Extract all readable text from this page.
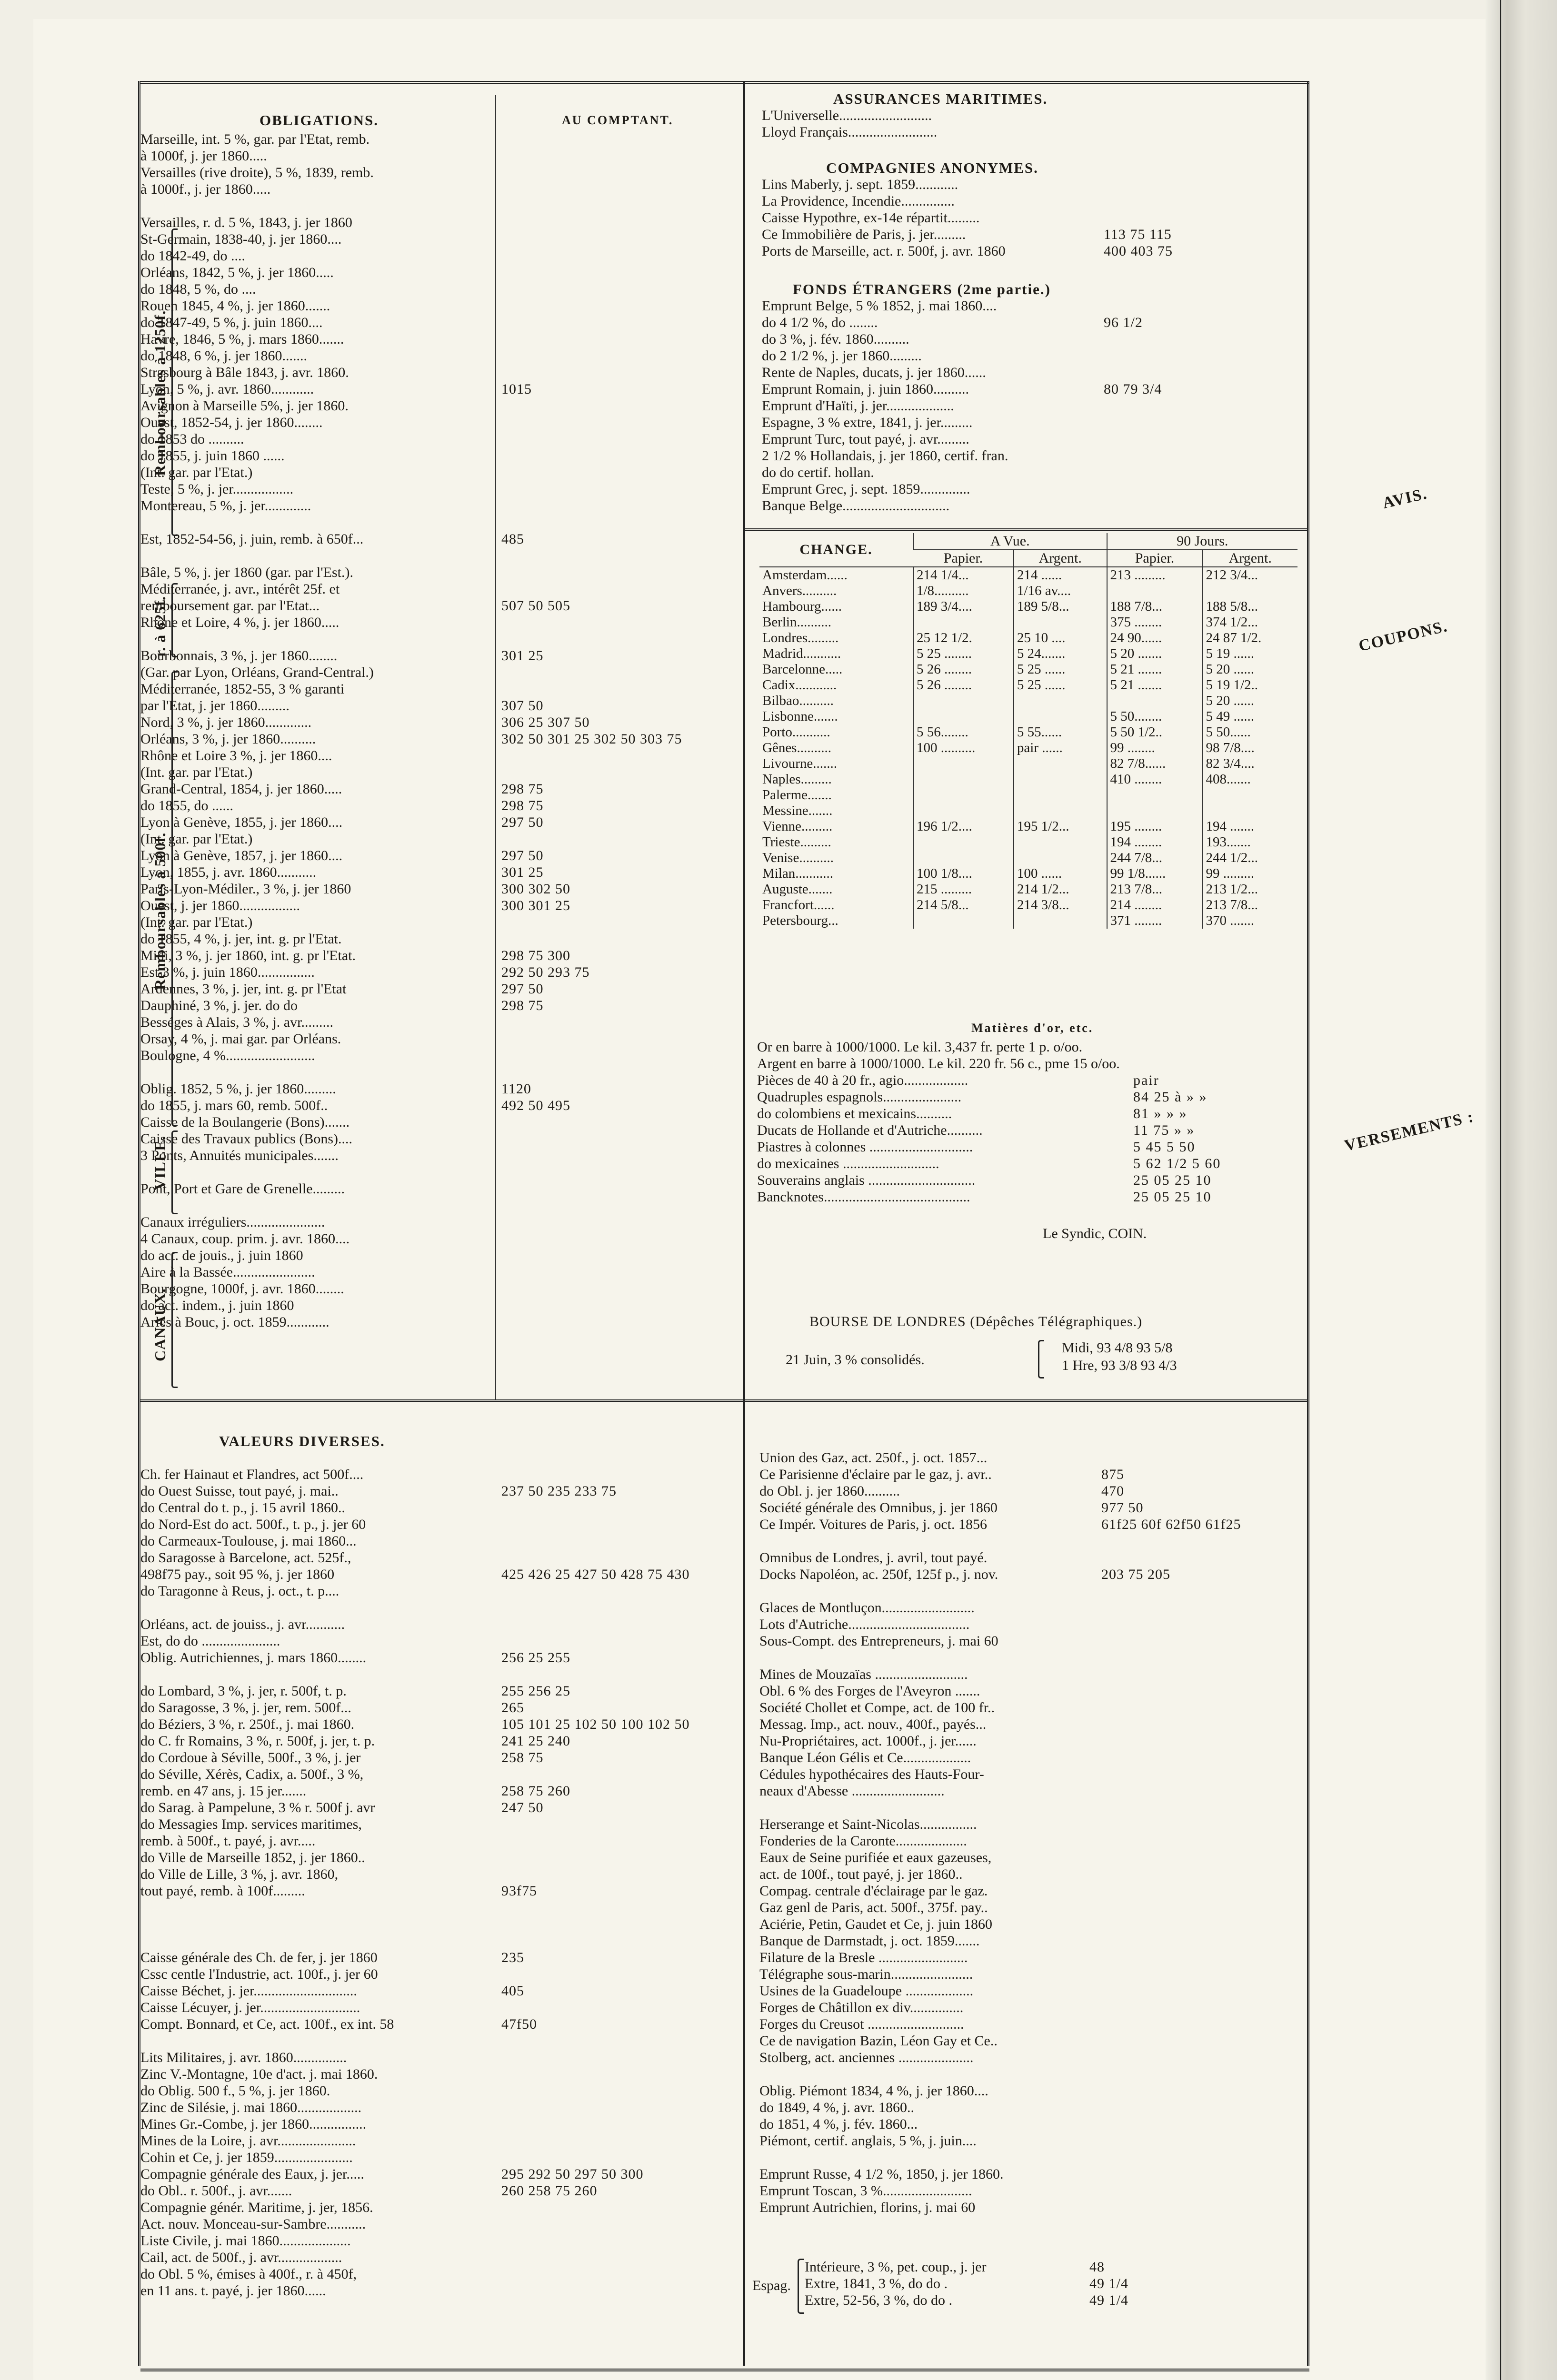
AVIS.
COUPONS.
VERSEMENTS :
OBLIGATIONS.	AU COMPTANT.
Remboursables à 1250f.
r. à 625f.
Remboursables à 500f.
VILLE.
CANAUX.
Marseille, int. 5 %, gar. par l'Etat, remb.
à 1000f, j. jer 1860.....
Versailles (rive droite), 5 %, 1839, remb.
à 1000f., j. jer 1860.....
Versailles, r. d. 5 %, 1843, j. jer 1860
St-Germain, 1838-40, j. jer 1860....
do 1842-49, do ....
Orléans, 1842, 5 %, j. jer 1860.....
do 1848, 5 %, do ....
Rouen 1845, 4 %, j. jer 1860.......
do 1847-49, 5 %, j. juin 1860....
Havre, 1846, 5 %, j. mars 1860.......
do 1848, 6 %, j. jer 1860.......
Strasbourg à Bâle 1843, j. avr. 1860.
Lyon, 5 %, j. avr. 1860............	1015
Avignon à Marseille 5%, j. jer 1860.
Ouest, 1852-54, j. jer 1860........
do 1853 do ..........
do 1855, j. juin 1860 ......
(Int. gar. par l'Etat.)
Teste, 5 %, j. jer.................
Montereau, 5 %, j. jer.............
Est, 1852-54-56, j. juin, remb. à 650f...	485
Bâle, 5 %, j. jer 1860 (gar. par l'Est.).
Méditerranée, j. avr., intérêt 25f. et
remboursement gar. par l'Etat...	507 50 505
Rhône et Loire, 4 %, j. jer 1860.....
Bourbonnais, 3 %, j. jer 1860........	301 25
(Gar. par Lyon, Orléans, Grand-Central.)
Méditerranée, 1852-55, 3 % garanti
par l'Etat, j. jer 1860.........	307 50
Nord, 3 %, j. jer 1860.............	306 25 307 50
Orléans, 3 %, j. jer 1860..........	302 50 301 25 302 50 303 75
Rhône et Loire 3 %, j. jer 1860....
(Int. gar. par l'Etat.)
Grand-Central, 1854, j. jer 1860.....	298 75
do 1855, do ......	298 75
Lyon à Genève, 1855, j. jer 1860....	297 50
(Int. gar. par l'Etat.)
Lyon à Genève, 1857, j. jer 1860....	297 50
Lyon, 1855, j. avr. 1860...........	301 25
Paris-Lyon-Médiler., 3 %, j. jer 1860	300 302 50
Ouest, j. jer 1860.................	300 301 25
(Int. gar. par l'Etat.)
do 1855, 4 %, j. jer, int. g. pr l'Etat.
Midi, 3 %, j. jer 1860, int. g. pr l'Etat.	298 75 300
Est 3 %, j. juin 1860................	292 50 293 75
Ardennes, 3 %, j. jer, int. g. pr l'Etat	297 50
Dauphiné, 3 %, j. jer. do do	298 75
Bességes à Alais, 3 %, j. avr.........
Orsay, 4 %, j. mai gar. par Orléans.
Boulogne, 4 %.........................
Oblig. 1852, 5 %, j. jer 1860.........	1120
do 1855, j. mars 60, remb. 500f..	492 50 495
Caisse de la Boulangerie (Bons).......
Caisse des Travaux publics (Bons)....
3 Ponts, Annuités municipales.......
Pont, Port et Gare de Grenelle.........
Canaux irréguliers......................
4 Canaux, coup. prim. j. avr. 1860....
do act. de jouis., j. juin 1860
Aire à la Bassée.......................
Bourgogne, 1000f, j. avr. 1860........
do act. indem., j. juin 1860
Arles à Bouc, j. oct. 1859............
ASSURANCES MARITIMES.
L'Universelle..........................
Lloyd Français.........................
COMPAGNIES ANONYMES.
Lins Maberly, j. sept. 1859............
La Providence, Incendie...............
Caisse Hypothre, ex-14e répartit.........
Ce Immobilière de Paris, j. jer.........	113 75 115
Ports de Marseille, act. r. 500f, j. avr. 1860	400 403 75
FONDS ÉTRANGERS (2me partie.)
Emprunt Belge, 5 % 1852, j. mai 1860....
do 4 1/2 %, do ........	96 1/2
do 3 %, j. fév. 1860..........
do 2 1/2 %, j. jer 1860.........
Rente de Naples, ducats, j. jer 1860......
Emprunt Romain, j. juin 1860..........	80 79 3/4
Emprunt d'Haïti, j. jer...................
Espagne, 3 % extre, 1841, j. jer.........
Emprunt Turc, tout payé, j. avr.........
2 1/2 % Hollandais, j. jer 1860, certif. fran.
do do certif. hollan.
Emprunt Grec, j. sept. 1859..............
Banque Belge..............................
CHANGE.	A Vue.		90 Jours.	
	Papier.	Argent.	Papier.	Argent.
Amsterdam......	214 1/4...	214 ......	213 .........	212 3/4...
Anvers..........	1/8..........	1/16 av....		
Hambourg......	189 3/4....	189 5/8...	188 7/8...	188 5/8...
Berlin..........			375 ........	374 1/2...
Londres.........	25 12 1/2.	25 10 ....	24 90......	24 87 1/2.
Madrid...........	5 25 ........	5 24.......	5 20 .......	5 19 ......
Barcelonne.....	5 26 ........	5 25 ......	5 21 .......	5 20 ......
Cadix............	5 26 ........	5 25 ......	5 21 .......	5 19 1/2..
Bilbao..........				5 20 ......
Lisbonne.......			5 50........	5 49 ......
Porto...........	5 56........	5 55......	5 50 1/2..	5 50......
Gênes..........	100 ..........	pair ......	99 ........	98 7/8....
Livourne.......			82 7/8......	82 3/4....
Naples.........			410 ........	408.......
Palerme.......				
Messine.......				
Vienne.........	196 1/2....	195 1/2...	195 ........	194 .......
Trieste.........			194 ........	193.......
Venise..........			244 7/8...	244 1/2...
Milan...........	100 1/8....	100 ......	99 1/8......	99 .........
Auguste.......	215 .........	214 1/2...	213 7/8...	213 1/2...
Francfort......	214 5/8...	214 3/8...	214 ........	213 7/8...
Petersbourg...			371 ........	370 .......
Matières d'or, etc.
Or en barre à 1000/1000. Le kil. 3,437 fr. perte 1 p. o/oo.
Argent en barre à 1000/1000. Le kil. 220 fr. 56 c., pme 15 o/oo.
Pièces de 40 à 20 fr., agio..................	pair
Quadruples espagnols......................	84 25 à » »
do colombiens et mexicains..........	81 » » »
Ducats de Hollande et d'Autriche..........	11 75 » »
Piastres à colonnes .............................	5 45 5 50
do mexicaines ...........................	5 62 1/2 5 60
Souverains anglais ..............................	25 05 25 10
Bancknotes.........................................	25 05 25 10
Le Syndic, COIN.
BOURSE DE LONDRES (Dépêches Télégraphiques.)
21 Juin, 3 % consolidés.
Midi, 93 4/8 93 5/8
1 Hre, 93 3/8 93 4/3
VALEURS DIVERSES.
Ch. fer Hainaut et Flandres, act 500f....
do Ouest Suisse, tout payé, j. mai..	237 50 235 233 75
do Central do t. p., j. 15 avril 1860..
do Nord-Est do act. 500f., t. p., j. jer 60
do Carmeaux-Toulouse, j. mai 1860...
do Saragosse à Barcelone, act. 525f.,
498f75 pay., soit 95 %, j. jer 1860	425 426 25 427 50 428 75 430
do Taragonne à Reus, j. oct., t. p....
Orléans, act. de jouiss., j. avr...........
Est, do do ......................
Oblig. Autrichiennes, j. mars 1860........	256 25 255
do Lombard, 3 %, j. jer, r. 500f, t. p.	255 256 25
do Saragosse, 3 %, j. jer, rem. 500f...	265
do Béziers, 3 %, r. 250f., j. mai 1860.	105 101 25 102 50 100 102 50
do C. fr Romains, 3 %, r. 500f, j. jer, t. p.	241 25 240
do Cordoue à Séville, 500f., 3 %, j. jer	258 75
do Séville, Xérès, Cadix, a. 500f., 3 %,
remb. en 47 ans, j. 15 jer.......	258 75 260
do Sarag. à Pampelune, 3 % r. 500f j. avr	247 50
do Messagies Imp. services maritimes,
remb. à 500f., t. payé, j. avr.....
do Ville de Marseille 1852, j. jer 1860..
do Ville de Lille, 3 %, j. avr. 1860,
tout payé, remb. à 100f.........	93f75
Caisse générale des Ch. de fer, j. jer 1860	235
Cssc centle l'Industrie, act. 100f., j. jer 60
Caisse Béchet, j. jer.............................	405
Caisse Lécuyer, j. jer............................
Compt. Bonnard, et Ce, act. 100f., ex int. 58	47f50
Lits Militaires, j. avr. 1860...............
Zinc V.-Montagne, 10e d'act. j. mai 1860.
do Oblig. 500 f., 5 %, j. jer 1860.
Zinc de Silésie, j. mai 1860..................
Mines Gr.-Combe, j. jer 1860................
Mines de la Loire, j. avr......................
Cohin et Ce, j. jer 1859......................
Compagnie générale des Eaux, j. jer.....	295 292 50 297 50 300
do Obl.. r. 500f., j. avr.......	260 258 75 260
Compagnie génér. Maritime, j. jer, 1856.
Act. nouv. Monceau-sur-Sambre...........
Liste Civile, j. mai 1860....................
Cail, act. de 500f., j. avr..................
do Obl. 5 %, émises à 400f., r. à 450f,
en 11 ans. t. payé, j. jer 1860......
Union des Gaz, act. 250f., j. oct. 1857...
Ce Parisienne d'éclaire par le gaz, j. avr..	875
do Obl. j. jer 1860..........	470
Société générale des Omnibus, j. jer 1860	977 50
Ce Impér. Voitures de Paris, j. oct. 1856	61f25 60f 62f50 61f25
Omnibus de Londres, j. avril, tout payé.
Docks Napoléon, ac. 250f, 125f p., j. nov.	203 75 205
Glaces de Montluçon..........................
Lots d'Autriche..................................
Sous-Compt. des Entrepreneurs, j. mai 60
Mines de Mouzaïas ..........................
Obl. 6 % des Forges de l'Aveyron .......
Société Chollet et Compe, act. de 100 fr..
Messag. Imp., act. nouv., 400f., payés...
Nu-Propriétaires, act. 1000f., j. jer......
Banque Léon Gélis et Ce...................
Cédules hypothécaires des Hauts-Four-
neaux d'Abesse ..........................
Herserange et Saint-Nicolas................
Fonderies de la Caronte....................
Eaux de Seine purifiée et eaux gazeuses,
act. de 100f., tout payé, j. jer 1860..
Compag. centrale d'éclairage par le gaz.
Gaz genl de Paris, act. 500f., 375f. pay..
Aciérie, Petin, Gaudet et Ce, j. juin 1860
Banque de Darmstadt, j. oct. 1859.......
Filature de la Bresle .........................
Télégraphe sous-marin.......................
Usines de la Guadeloupe ...................
Forges de Châtillon ex div...............
Forges du Creusot ...........................
Ce de navigation Bazin, Léon Gay et Ce..
Stolberg, act. anciennes .....................
Oblig. Piémont 1834, 4 %, j. jer 1860....
do 1849, 4 %, j. avr. 1860..
do 1851, 4 %, j. fév. 1860...
Piémont, certif. anglais, 5 %, j. juin....
Emprunt Russe, 4 1/2 %, 1850, j. jer 1860.
Emprunt Toscan, 3 %.........................
Emprunt Autrichien, florins, j. mai 60
Espag.
Intérieure, 3 %, pet. coup., j. jer	48
Extre, 1841, 3 %, do do .	49 1/4
Extre, 52-56, 3 %, do do .	49 1/4
